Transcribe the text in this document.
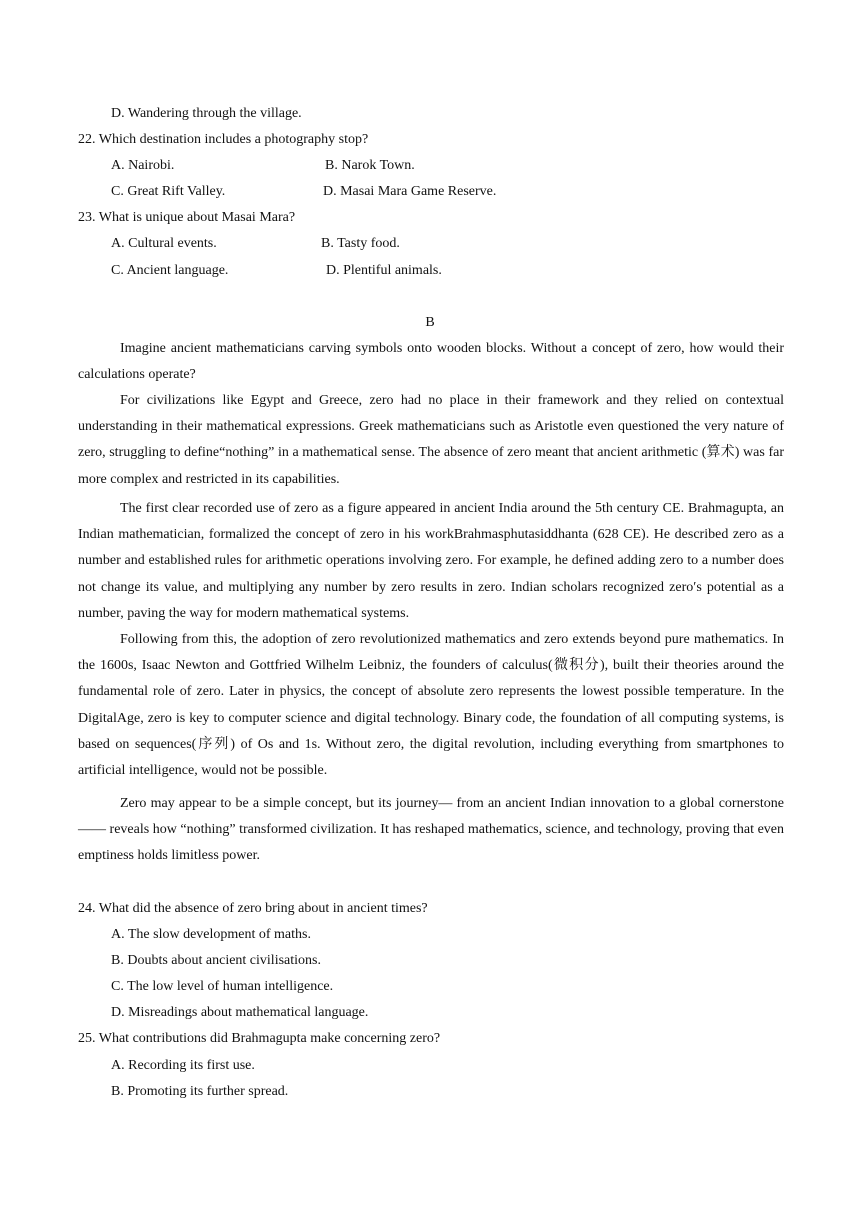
D. Wandering through the village.
22. Which destination includes a photography stop?
A. Nairobi.	B. Narok Town.
C. Great Rift Valley.	D. Masai Mara Game Reserve.
23. What is unique about Masai Mara?
A. Cultural events.	B. Tasty food.
C. Ancient language.	D. Plentiful animals.
B

Imagine ancient mathematicians carving symbols onto wooden blocks. Without a concept of zero, how would their calculations operate?

For civilizations like Egypt and Greece, zero had no place in their framework and they relied on contextual understanding in their mathematical expressions. Greek mathematicians such as Aristotle even questioned the very nature of zero, struggling to define“nothing” in a mathematical sense. The absence of zero meant that ancient arithmetic (算术) was far more complex and restricted in its capabilities.

The first clear recorded use of zero as a figure appeared in ancient India around the 5th century CE. Brahmagupta, an Indian mathematician, formalized the concept of zero in his workBrahmasphutasiddhanta (628 CE). He described zero as a number and established rules for arithmetic operations involving zero. For example, he defined adding zero to a number does not change its value, and multiplying any number by zero results in zero. Indian scholars recognized zero′s potential as a number, paving the way for modern mathematical systems.

Following from this, the adoption of zero revolutionized mathematics and zero extends beyond pure mathematics. In the 1600s, Isaac Newton and Gottfried Wilhelm Leibniz, the founders of calculus(微积分), built their theories around the fundamental role of zero. Later in physics, the concept of absolute zero represents the lowest possible temperature. In the DigitalAge, zero is key to computer science and digital technology. Binary code, the foundation of all computing systems, is based on sequences(序列) of Os and 1s. Without zero, the digital revolution, including everything from smartphones to artificial intelligence, would not be possible.

Zero may appear to be a simple concept, but its journey— from an ancient Indian innovation to a global cornerstone—— reveals how “nothing” transformed civilization. It has reshaped mathematics, science, and technology, proving that even emptiness holds limitless power.

24. What did the absence of zero bring about in ancient times?
A. The slow development of maths.
B. Doubts about ancient civilisations.
C. The low level of human intelligence.
D. Misreadings about mathematical language.
25. What contributions did Brahmagupta make concerning zero?
A. Recording its first use.
B. Promoting its further spread.
